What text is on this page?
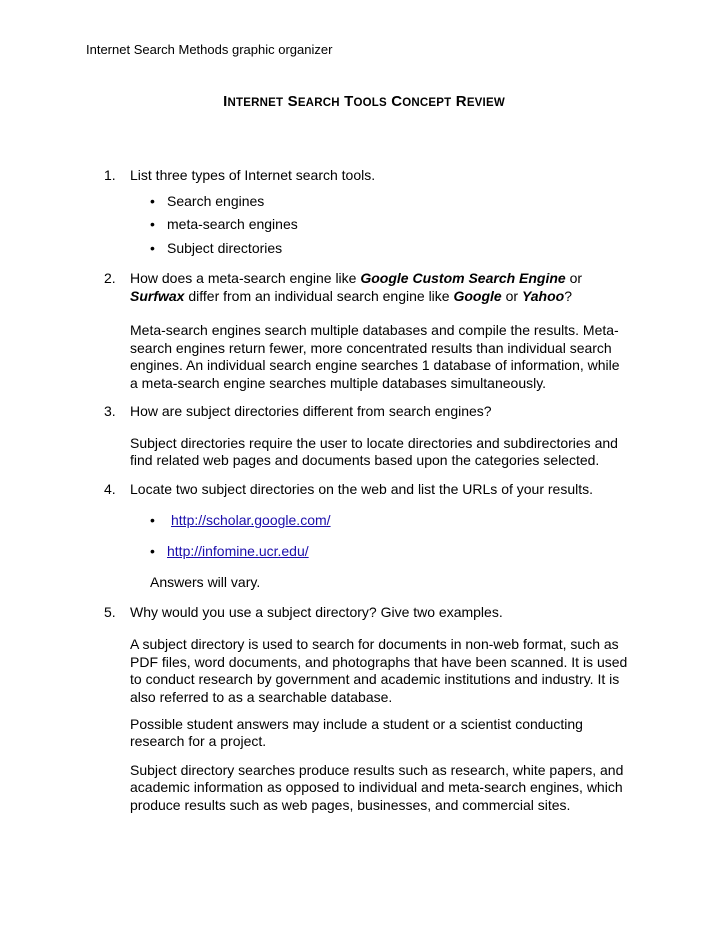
Internet Search Methods graphic organizer
INTERNET SEARCH TOOLS CONCEPT REVIEW
1. List three types of Internet search tools.
• Search engines
• meta-search engines
• Subject directories
2. How does a meta-search engine like Google Custom Search Engine or
Surfwax differ from an individual search engine like Google or Yahoo?
Meta-search engines search multiple databases and compile the results. Meta-
search engines return fewer, more concentrated results than individual search
engines. An individual search engine searches 1 database of information, while
a meta-search engine searches multiple databases simultaneously.
3. How are subject directories different from search engines?
Subject directories require the user to locate directories and subdirectories and
find related web pages and documents based upon the categories selected.
4. Locate two subject directories on the web and list the URLs of your results.
• http://scholar.google.com/
• http://infomine.ucr.edu/
Answers will vary.
5. Why would you use a subject directory? Give two examples.
A subject directory is used to search for documents in non-web format, such as
PDF files, word documents, and photographs that have been scanned. It is used
to conduct research by government and academic institutions and industry. It is
also referred to as a searchable database.
Possible student answers may include a student or a scientist conducting
research for a project.
Subject directory searches produce results such as research, white papers, and
academic information as opposed to individual and meta-search engines, which
produce results such as web pages, businesses, and commercial sites.
